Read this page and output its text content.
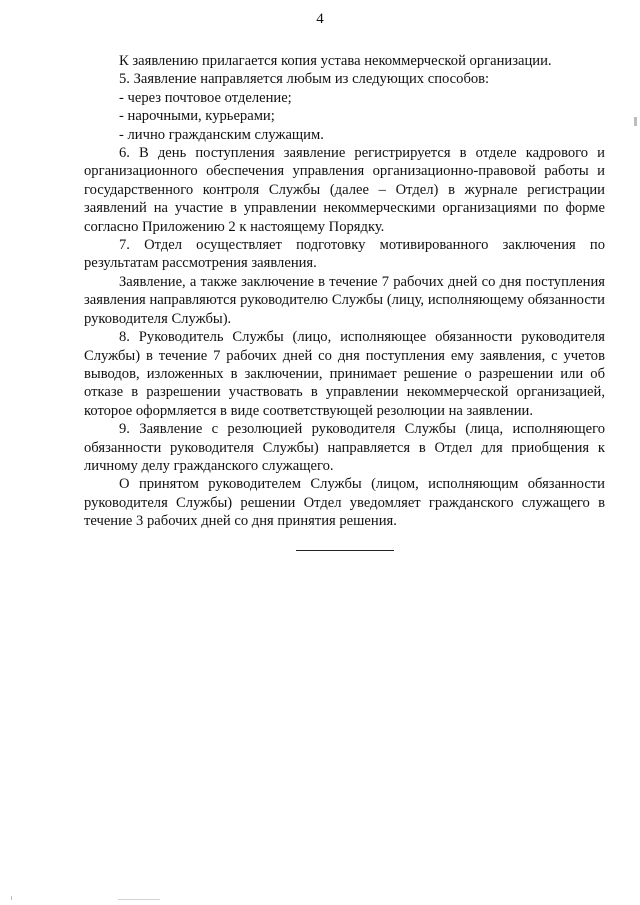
4

К заявлению прилагается копия устава некоммерческой организации.

5. Заявление направляется любым из следующих способов:

- через почтовое отделение;

- нарочными, курьерами;

- лично гражданским служащим.

6. В день поступления заявление регистрируется в отделе кадрового и организационного обеспечения управления организационно-правовой работы и государственного контроля Службы (далее – Отдел) в журнале регистрации заявлений на участие в управлении некоммерческими организациями по форме согласно Приложению 2 к настоящему Порядку.

7. Отдел осуществляет подготовку мотивированного заключения по результатам рассмотрения заявления.

Заявление, а также заключение в течение 7 рабочих дней со дня поступления заявления направляются руководителю Службы (лицу, исполняющему обязанности руководителя Службы).

8. Руководитель Службы (лицо, исполняющее обязанности руководителя Службы) в течение 7 рабочих дней со дня поступления ему заявления, с учетов выводов, изложенных в заключении, принимает решение о разрешении или об отказе в разрешении участвовать в управлении некоммерческой организацией, которое оформляется в виде соответствующей резолюции на заявлении.

9. Заявление с резолюцией руководителя Службы (лица, исполняющего обязанности руководителя Службы) направляется в Отдел для приобщения к личному делу гражданского служащего.

О принятом руководителем Службы (лицом, исполняющим обязанности руководителя Службы) решении Отдел уведомляет гражданского служащего в течение 3 рабочих дней со дня принятия решения.
